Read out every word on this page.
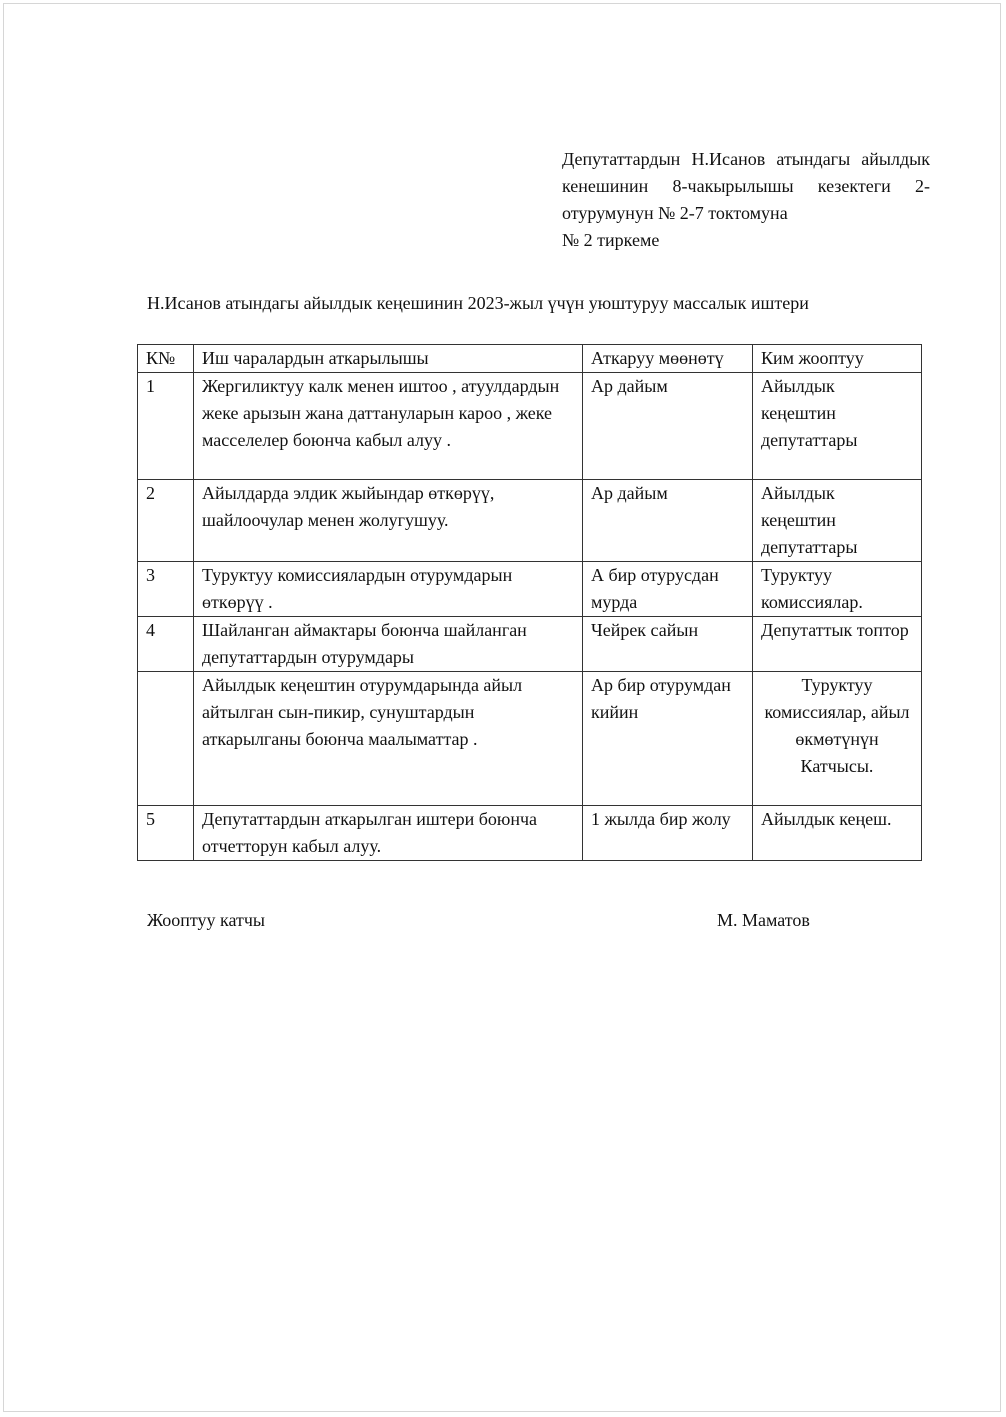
Депутаттардын Н.Исанов атындагы айылдык кенешинин 8-чакырылышы кезектеги 2-отурумунун № 2-7 токтомуна
№ 2 тиркеме
Н.Исанов атындагы айылдык кеңешинин 2023-жыл үчүн уюштуруу массалык иштери
К№	Иш чаралардын аткарылышы	Аткаруу мөөнөтү	Ким жооптуу
1	Жергиликтуу калк менен иштоо , атуулдардын жеке арызын жана даттануларын кароо , жеке масселелер боюнча кабыл алуу .	Ар дайым	Айылдык кеңештин депутаттары
2	Айылдарда элдик жыйындар өткөрүү, шайлоочулар менен жолугушуу.	Ар дайым	Айылдык кеңештин депутаттары
3	Туруктуу комиссиялардын отурумдарын өткөрүү .	А бир отуруcдан мурда	Туруктуу комиссиялар.
4	Шайланган аймактары боюнча шайланган депутаттардын отурумдары	Чейрек сайын	Депутаттык топтор
	Айылдык кеңештин отурумдарында айыл айтылган сын-пикир, сунуштардын аткарылганы боюнча маалыматтар .	Ар бир отурумдан кийин	Туруктуу комиссиялар, айыл өкмөтүнүн Катчысы.
5	Депутаттардын аткарылган иштери боюнча отчетторун кабыл алуу.	1 жылда бир жолу	Айылдык кеңеш.
Жооптуу катчы	М. Маматов
